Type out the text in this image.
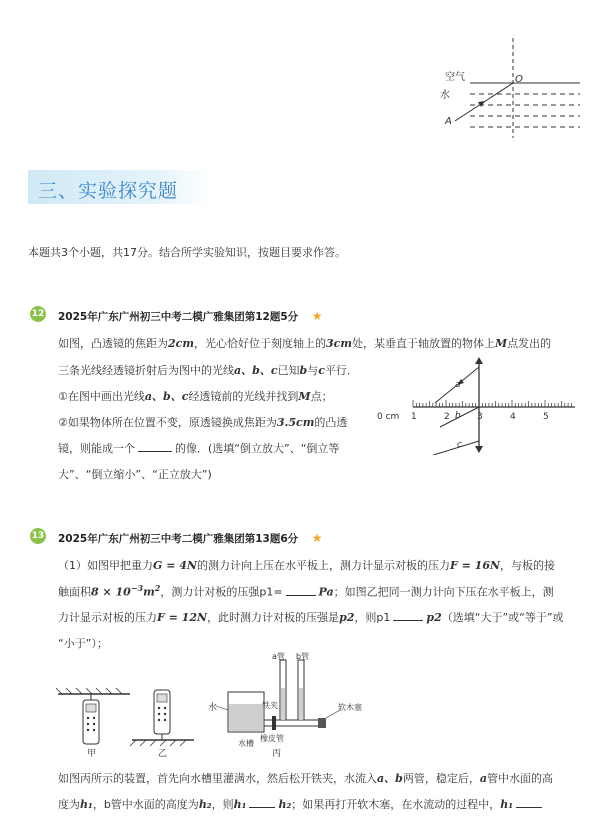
空气
水
O
A
三、实验探究题
本题共3个小题，共17分。结合所学实验知识，按题目要求作答。
12 2025年广东广州初三中考二模广雅集团第12题5分 ★
如图，凸透镜的焦距为2cm，光心恰好位于刻度轴上的3cm处，某垂直于轴放置的物体上M点发出的
三条光线经透镜折射后为图中的光线a、b、c已知b与c平行．
①在图中画出光线a、b、c经透镜前的光线并找到M点；
②如果物体所在位置不变，原透镜换成焦距为3.5cm的凸透
镜，则能成一个	的像．(选填“倒立放大”、“倒立等
大”、“倒立缩小”、“正立放大”)
0 cm 1	2	3	4	5
a
b
c
13 2025年广东广州初三中考二模广雅集团第13题6分 ★
（1）如图甲把重力G = 4N的测力计向上压在水平板上，测力计显示对板的压力F = 16N，与板的接
触面积$8 \times 10^{-3}m^2$，测力计对板的压强p1=	Pa；如图乙把同一测力计向下压在水平板上，测
力计显示对板的压力F = 12N，此时测力计对板的压强是p2，则p1	p2（选填“大于”或“等于”或
“小于”）；
甲	乙
水
水槽
a管 b管
铁夹
橡皮管
软木塞
丙
如图丙所示的装置，首先向水槽里灌满水，然后松开铁夹，水流入a、b两管，稳定后，a管中水面的高
度为h₁，b管中水面的高度为h₂，则h₁	h₂；如果再打开软木塞，在水流动的过程中，h₁
